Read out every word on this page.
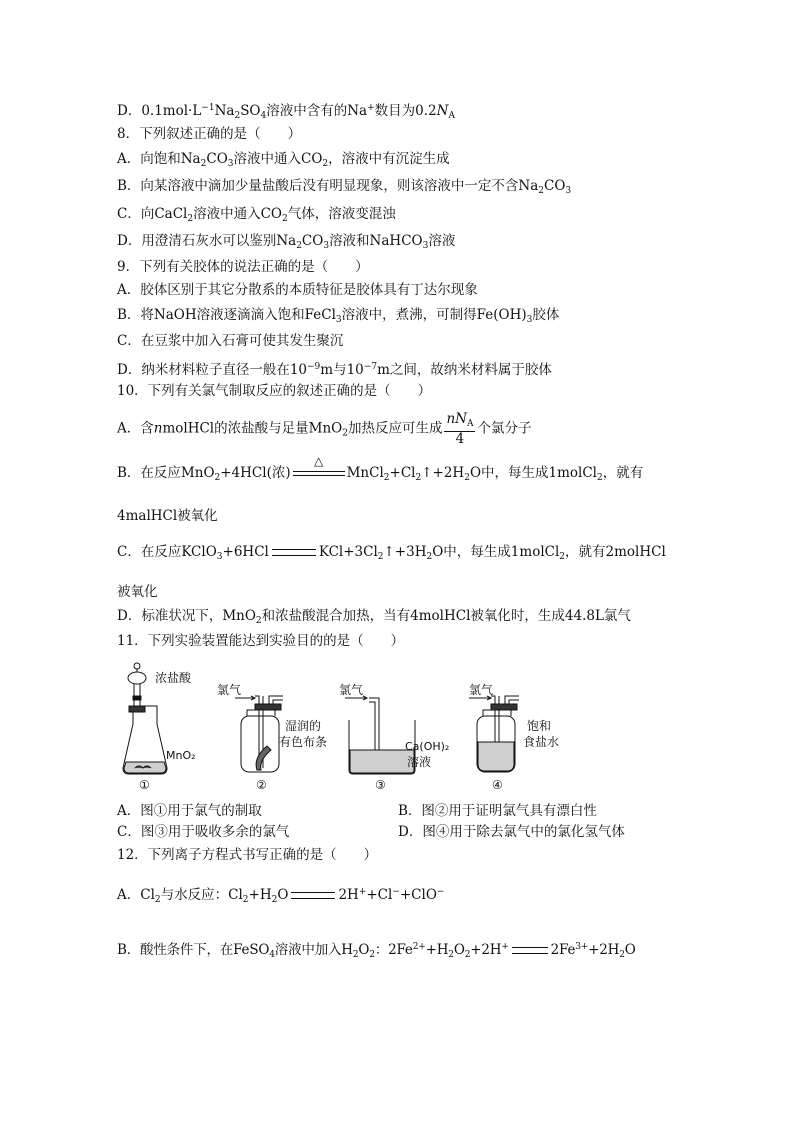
D．$0.1mol\cdot L^{-1}Na_2SO_4$溶液中含有的Na+数目为$0.2N_A$
8．下列叙述正确的是（　　）
A．向饱和$Na_2CO_3$溶液中通入$CO_2$，溶液中有沉淀生成
B．向某溶液中滴加少量盐酸后没有明显现象，则该溶液中一定不含$Na_2CO_3$
C．向CaCl$_2$溶液中通入$CO_2$气体，溶液变混浊
D．用澄清石灰水可以鉴别$Na_2CO_3$溶液和NaHCO$_3$溶液
9．下列有关胶体的说法正确的是（　　）
A．胶体区别于其它分散系的本质特征是胶体具有丁达尔现象
B．将NaOH溶液逐滴滴入饱和FeCl$_3$溶液中，煮沸，可制得$Fe(OH)_3$胶体
C．在豆浆中加入石膏可使其发生聚沉
D．纳米材料粒子直径一般在$10^{-9}m$与$10^{-7}m$之间，故纳米材料属于胶体
10．下列有关氯气制取反应的叙述正确的是（　　）
A．含nmolHCl的浓盐酸与足量MnO$_2$加热反应可生成 $\frac{nN_A}{4}$ 个氯分子
B．在反应MnO$_2$+4HCl(浓)
△
$MnCl_2+Cl_2↑+2H_2O$中，每生成1molCl$_2$，就有
4malHCl被氧化
C．在反应KClO$_3$+6HCl	$KCl+3Cl_2↑+3H_2O$中，每生成1molCl$_2$，就有2molHCl
被氧化
D．标准状况下，MnO$_2$和浓盐酸混合加热，当有4molHCl被氧化时，生成44.8L氯气
11．下列实验装置能达到实验目的的是（　　）
浓盐酸
MnO₂
①
氯气
湿润的
有色布条
②
氯气
Ca(OH)₂
溶液
③
氯气
饱和
食盐水
④
A．图①用于氯气的制取	B．图②用于证明氯气具有漂白性
C．图③用于吸收多余的氯气	D．图④用于除去氯气中的氯化氢气体
12．下列离子方程式书写正确的是（　　）
A．$Cl_2$与水反应：$Cl_2+H_2O$	2H++Cl−+ClO−
B．酸性条件下，在FeSO$_4$溶液中加入$H_2O_2$：$2Fe^{2+}+H_2O_2+2H^+$	$2Fe^{3+}+2H_2O$
